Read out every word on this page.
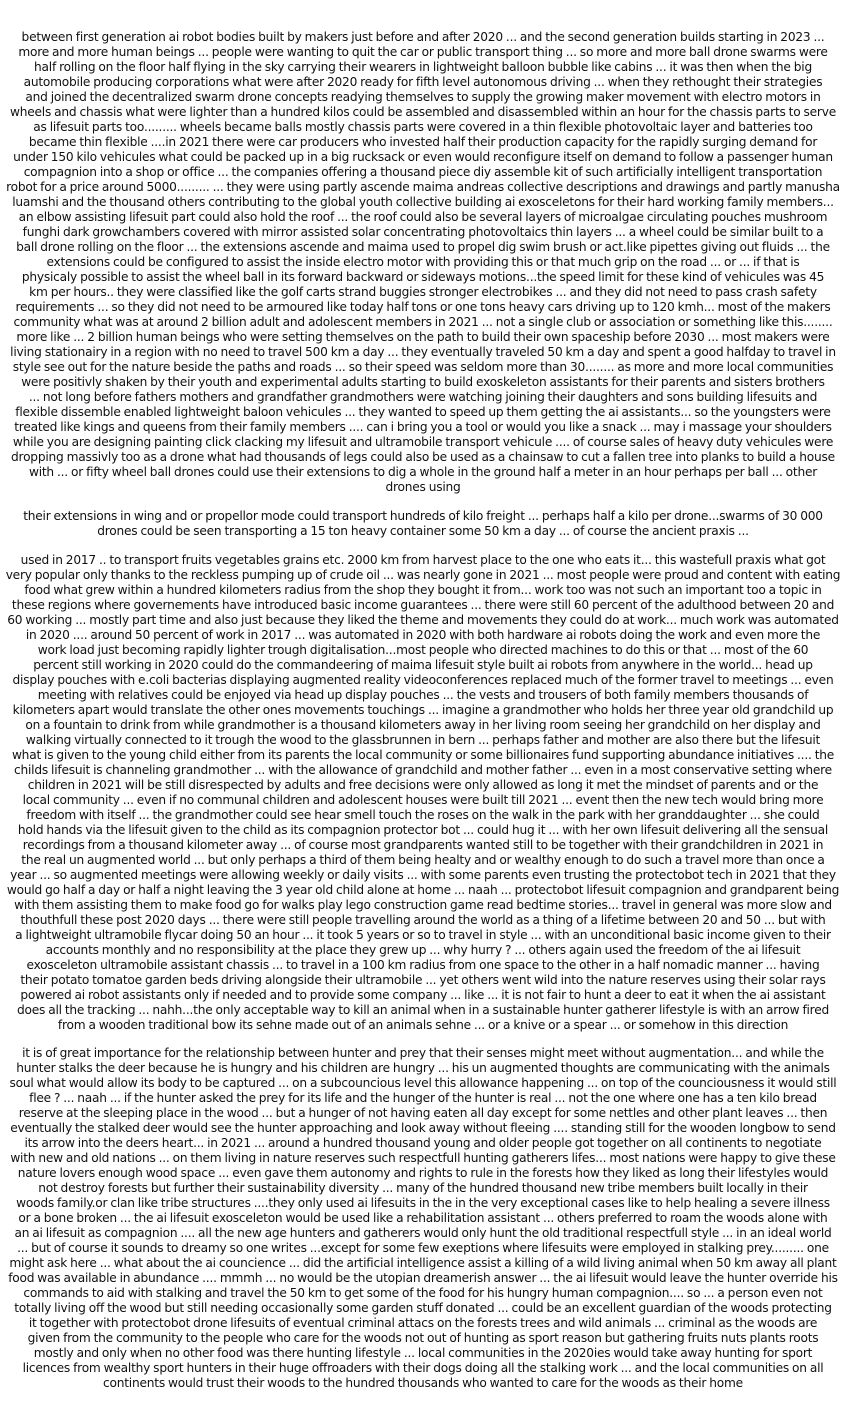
between first generation ai robot bodies built by makers just before and after 2020 ... and the second generation builds starting in 2023 ...
more and more human beings ... people were wanting to quit the car or public transport thing ... so more and more ball drone swarms were
half rolling on the floor half flying in the sky carrying their wearers in lightweight balloon bubble like cabins ... it was then when the big
automobile producing corporations what were after 2020 ready for fifth level autonomous driving ... when they rethought their strategies
and joined the decentralized swarm drone concepts readying themselves to supply the growing maker movement with electro motors in
wheels and chassis what were lighter than a hundred kilos could be assembled and disassembled within an hour for the chassis parts to serve
as lifesuit parts too......... wheels became balls mostly chassis parts were covered in a thin flexible photovoltaic layer and batteries too
became thin flexible ....in 2021 there were car producers who invested half their production capacity for the rapidly surging demand for
under 150 kilo vehicules what could be packed up in a big rucksack or even would reconfigure itself on demand to follow a passenger human
compagnion into a shop or office ... the companies offering a thousand piece diy assemble kit of such artificially intelligent transportation
robot for a price around 5000......... ... they were using partly ascende maima andreas collective descriptions and drawings and partly manusha
luamshi and the thousand others contributing to the global youth collective building ai exosceletons for their hard working family members...
an elbow assisting lifesuit part could also hold the roof ... the roof could also be several layers of microalgae circulating pouches mushroom
funghi dark growchambers covered with mirror assisted solar concentrating photovoltaics thin layers ... a wheel could be similar built to a
ball drone rolling on the floor ... the extensions ascende and maima used to propel dig swim brush or act.like pipettes giving out fluids ... the
extensions could be configured to assist the inside electro motor with providing this or that much grip on the road ... or ... if that is
physicaly possible to assist the wheel ball in its forward backward or sideways motions...the speed limit for these kind of vehicules was 45
km per hours.. they were classified like the golf carts strand buggies stronger electrobikes ... and they did not need to pass crash safety
requirements ... so they did not need to be armoured like today half tons or one tons heavy cars driving up to 120 kmh... most of the makers
community what was at around 2 billion adult and adolescent members in 2021 ... not a single club or association or something like this........
more like ... 2 billion human beings who were setting themselves on the path to build their own spaceship before 2030 ... most makers were
living stationairy in a region with no need to travel 500 km a day ... they eventually traveled 50 km a day and spent a good halfday to travel in
style see out for the nature beside the paths and roads ... so their speed was seldom more than 30........ as more and more local communities
were positivly shaken by their youth and experimental adults starting to build exoskeleton assistants for their parents and sisters brothers
... not long before fathers mothers and grandfather grandmothers were watching joining their daughters and sons building lifesuits and
flexible dissemble enabled lightweight baloon vehicules ... they wanted to speed up them getting the ai assistants... so the youngsters were
treated like kings and queens from their family members .... can i bring you a tool or would you like a snack ... may i massage your shoulders
while you are designing painting click clacking my lifesuit and ultramobile transport vehicule .... of course sales of heavy duty vehicules were
dropping massivly too as a drone what had thousands of legs could also be used as a chainsaw to cut a fallen tree into planks to build a house
with ... or fifty wheel ball drones could use their extensions to dig a whole in the ground half a meter in an hour perhaps per ball ... other
drones using

their extensions in wing and or propellor mode could transport hundreds of kilo freight ... perhaps half a kilo per drone...swarms of 30 000
drones could be seen transporting a 15 ton heavy container some 50 km a day ... of course the ancient praxis ...

used in 2017 .. to transport fruits vegetables grains etc. 2000 km from harvest place to the one who eats it... this wastefull praxis what got
very popular only thanks to the reckless pumping up of crude oil ... was nearly gone in 2021 ... most people were proud and content with eating
food what grew within a hundred kilometers radius from the shop they bought it from... work too was not such an important too a topic in
these regions where governements have introduced basic income guarantees ... there were still 60 percent of the adulthood between 20 and
60 working ... mostly part time and also just because they liked the theme and movements they could do at work... much work was automated
in 2020 .... around 50 percent of work in 2017 ... was automated in 2020 with both hardware ai robots doing the work and even more the
work load just becoming rapidly lighter trough digitalisation...most people who directed machines to do this or that ... most of the 60
percent still working in 2020 could do the commandeering of maima lifesuit style built ai robots from anywhere in the world... head up
display pouches with e.coli bacterias displaying augmented reality videoconferences replaced much of the former travel to meetings ... even
meeting with relatives could be enjoyed via head up display pouches ... the vests and trousers of both family members thousands of
kilometers apart would translate the other ones movements touchings ... imagine a grandmother who holds her three year old grandchild up
on a fountain to drink from while grandmother is a thousand kilometers away in her living room seeing her grandchild on her display and
walking virtually connected to it trough the wood to the glassbrunnen in bern ... perhaps father and mother are also there but the lifesuit
what is given to the young child either from its parents the local community or some billionaires fund supporting abundance initiatives .... the
childs lifesuit is channeling grandmother ... with the allowance of grandchild and mother father ... even in a most conservative setting where
children in 2021 will be still disrespected by adults and free decisions were only allowed as long it met the mindset of parents and or the
local community ... even if no communal children and adolescent houses were built till 2021 ... event then the new tech would bring more
freedom with itself ... the grandmother could see hear smell touch the roses on the walk in the park with her granddaughter ... she could
hold hands via the lifesuit given to the child as its compagnion protector bot ... could hug it ... with her own lifesuit delivering all the sensual
recordings from a thousand kilometer away ... of course most grandparents wanted still to be together with their grandchildren in 2021 in
the real un augmented world ... but only perhaps a third of them being healty and or wealthy enough to do such a travel more than once a
year ... so augmented meetings were allowing weekly or daily visits ... with some parents even trusting the protectobot tech in 2021 that they
would go half a day or half a night leaving the 3 year old child alone at home ... naah ... protectobot lifesuit compagnion and grandparent being
with them assisting them to make food go for walks play lego construction game read bedtime stories... travel in general was more slow and
thouthfull these post 2020 days ... there were still people travelling around the world as a thing of a lifetime between 20 and 50 ... but with
a lightweight ultramobile flycar doing 50 an hour ... it took 5 years or so to travel in style ... with an unconditional basic income given to their
accounts monthly and no responsibility at the place they grew up ... why hurry ? ... others again used the freedom of the ai lifesuit
exosceleton ultramobile assistant chassis ... to travel in a 100 km radius from one space to the other in a half nomadic manner ... having
their potato tomatoe garden beds driving alongside their ultramobile ... yet others went wild into the nature reserves using their solar rays
powered ai robot assistants only if needed and to provide some company ... like ... it is not fair to hunt a deer to eat it when the ai assistant
does all the tracking ... nahh...the only acceptable way to kill an animal when in a sustainable hunter gatherer lifestyle is with an arrow fired
from a wooden traditional bow its sehne made out of an animals sehne ... or a knive or a spear ... or somehow in this direction

it is of great importance for the relationship between hunter and prey that their senses might meet without augmentation... and while the
hunter stalks the deer because he is hungry and his children are hungry ... his un augmented thoughts are communicating with the animals
soul what would allow its body to be captured ... on a subcouncious level this allowance happening ... on top of the counciousness it would still
flee ? ... naah ... if the hunter asked the prey for its life and the hunger of the hunter is real ... not the one where one has a ten kilo bread
reserve at the sleeping place in the wood ... but a hunger of not having eaten all day except for some nettles and other plant leaves ... then
eventually the stalked deer would see the hunter approaching and look away without fleeing .... standing still for the wooden longbow to send
its arrow into the deers heart... in 2021 ... around a hundred thousand young and older people got together on all continents to negotiate
with new and old nations ... on them living in nature reserves such respectfull hunting gatherers lifes... most nations were happy to give these
nature lovers enough wood space ... even gave them autonomy and rights to rule in the forests how they liked as long their lifestyles would
not destroy forests but further their sustainability diversity ... many of the hundred thousand new tribe members built locally in their
woods family.or clan like tribe structures ....they only used ai lifesuits in the in the very exceptional cases like to help healing a severe illness
or a bone broken ... the ai lifesuit exosceleton would be used like a rehabilitation assistant ... others preferred to roam the woods alone with
an ai lifesuit as compagnion .... all the new age hunters and gatherers would only hunt the old traditional respectfull style ... in an ideal world
... but of course it sounds to dreamy so one writes ...except for some few exeptions where lifesuits were employed in stalking prey......... one
might ask here ... what about the ai councience ... did the artificial intelligence assist a killing of a wild living animal when 50 km away all plant
food was available in abundance .... mmmh ... no would be the utopian dreamerish answer ... the ai lifesuit would leave the hunter override his
commands to aid with stalking and travel the 50 km to get some of the food for his hungry human compagnion.... so ... a person even not
totally living off the wood but still needing occasionally some garden stuff donated ... could be an excellent guardian of the woods protecting
it together with protectobot drone lifesuits of eventual criminal attacs on the forests trees and wild animals ... criminal as the woods are
given from the community to the people who care for the woods not out of hunting as sport reason but gathering fruits nuts plants roots
mostly and only when no other food was there hunting lifestyle ... local communities in the 2020ies would take away hunting for sport
licences from wealthy sport hunters in their huge offroaders with their dogs doing all the stalking work ... and the local communities on all
continents would trust their woods to the hundred thousands who wanted to care for the woods as their home
